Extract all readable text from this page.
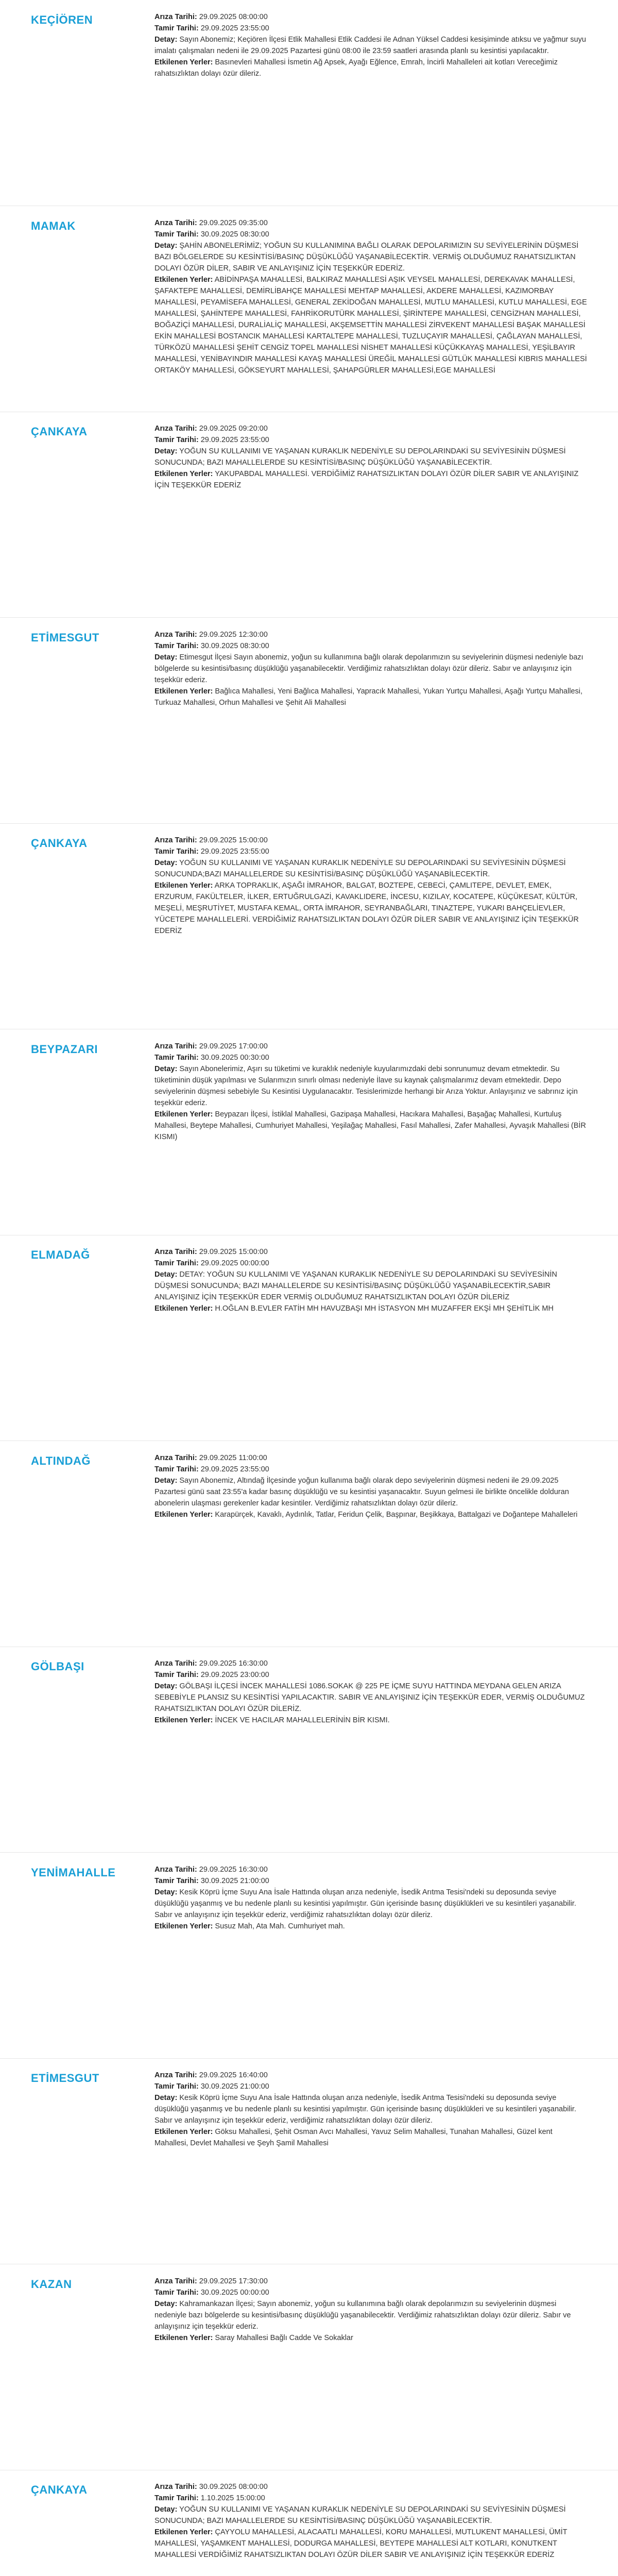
KEÇİÖREN	Arıza Tarihi: 29.09.2025 08:00:00

Tamir Tarihi: 29.09.2025 23:55:00

Detay: Sayın Abonemiz; Keçiören İlçesi Etlik Mahallesi Etlik Caddesi ile Adnan Yüksel Caddesi kesişiminde atıksu ve yağmur suyu imalatı çalışmaları nedeni ile 29.09.2025 Pazartesi günü 08:00 ile 23:59 saatleri arasında planlı su kesintisi yapılacaktır.

Etkilenen Yerler: Basınevleri Mahallesi İsmetin Ağ Apsek, Ayağı Eğlence, Emrah, İncirli Mahalleleri ait kotları Vereceğimiz rahatsızlıktan dolayı özür dileriz.

MAMAK	Arıza Tarihi: 29.09.2025 09:35:00

Tamir Tarihi: 30.09.2025 08:30:00

Detay: ŞAHİN ABONELERİMİZ; YOĞUN SU KULLANIMINA BAĞLI OLARAK DEPOLARIMIZIN SU SEVİYELERİNİN DÜŞMESİ BAZI BÖLGELERDE SU KESİNTİSİ/BASINÇ DÜŞÜKLÜĞÜ YAŞANABİLECEKTİR. VERMİŞ OLDUĞUMUZ RAHATSIZLIKTAN DOLAYI ÖZÜR DİLER, SABIR VE ANLAYIŞINIZ İÇİN TEŞEKKÜR EDERİZ.

Etkilenen Yerler: ABİDİNPAŞA MAHALLESİ, BALKIRAZ MAHALLESİ AŞIK VEYSEL MAHALLESİ, DEREKAVAK MAHALLESİ, ŞAFAKTEPE MAHALLESİ, DEMİRLİBAHÇE MAHALLESİ MEHTAP MAHALLESİ, AKDERE MAHALLESİ, KAZIMORBAY MAHALLESİ, PEYAMİSEFA MAHALLESİ, GENERAL ZEKİDOĞAN MAHALLESİ, MUTLU MAHALLESİ, KUTLU MAHALLESİ, EGE MAHALLESİ, ŞAHİNTEPE MAHALLESİ, FAHRİKORUTÜRK MAHALLESİ, ŞİRİNTEPE MAHALLESİ, CENGİZHAN MAHALLESİ, BOĞAZİÇİ MAHALLESİ, DURALİALİÇ MAHALLESİ, AKŞEMSETTİN MAHALLESİ ZİRVEKENT MAHALLESİ BAŞAK MAHALLESİ EKİN MAHALLESİ BOSTANCIK MAHALLESİ KARTALTEPE MAHALLESİ, TUZLUÇAYIR MAHALLESİ, ÇAĞLAYAN MAHALLESİ, TÜRKÖZÜ MAHALLESİ ŞEHİT CENGİZ TOPEL MAHALLESİ NİSHET MAHALLESİ KÜÇÜKKAYAŞ MAHALLESİ, YEŞİLBAYIR MAHALLESİ, YENİBAYINDIR MAHALLESİ KAYAŞ MAHALLESİ ÜREĞİL MAHALLESİ GÜTLÜK MAHALLESİ KIBRIS MAHALLESİ ORTAKÖY MAHALLESİ, GÖKSEYURT MAHALLESİ, ŞAHAPGÜRLER MAHALLESİ,EGE MAHALLESİ

ÇANKAYA	Arıza Tarihi: 29.09.2025 09:20:00

Tamir Tarihi: 29.09.2025 23:55:00

Detay: YOĞUN SU KULLANIMI VE YAŞANAN KURAKLIK NEDENİYLE SU DEPOLARINDAKİ SU SEVİYESİNİN DÜŞMESİ SONUCUNDA; BAZI MAHALLELERDE SU KESİNTİSİ/BASINÇ DÜŞÜKLÜĞÜ YAŞANABİLECEKTİR.

Etkilenen Yerler: YAKUPABDAL MAHALLESİ. VERDİĞİMİZ RAHATSIZLIKTAN DOLAYI ÖZÜR DİLER SABIR VE ANLAYIŞINIZ İÇİN TEŞEKKÜR EDERİZ

ETİMESGUT	Arıza Tarihi: 29.09.2025 12:30:00

Tamir Tarihi: 30.09.2025 08:30:00

Detay: Etimesgut İlçesi Sayın abonemiz, yoğun su kullanımına bağlı olarak depolarımızın su seviyelerinin düşmesi nedeniyle bazı bölgelerde su kesintisi/basınç düşüklüğü yaşanabilecektir. Verdiğimiz rahatsızlıktan dolayı özür dileriz. Sabır ve anlayışınız için teşekkür ederiz.

Etkilenen Yerler: Bağlıca Mahallesi, Yeni Bağlıca Mahallesi, Yapracık Mahallesi, Yukarı Yurtçu Mahallesi, Aşağı Yurtçu Mahallesi, Turkuaz Mahallesi, Orhun Mahallesi ve Şehit Ali Mahallesi

ÇANKAYA	Arıza Tarihi: 29.09.2025 15:00:00

Tamir Tarihi: 29.09.2025 23:55:00

Detay: YOĞUN SU KULLANIMI VE YAŞANAN KURAKLIK NEDENİYLE SU DEPOLARINDAKİ SU SEVİYESİNİN DÜŞMESİ SONUCUNDA;BAZI MAHALLELERDE SU KESİNTİSİ/BASINÇ DÜŞÜKLÜĞÜ YAŞANABİLECEKTİR.

Etkilenen Yerler: ARKA TOPRAKLIK, AŞAĞI İMRAHOR, BALGAT, BOZTEPE, CEBECİ, ÇAMLITEPE, DEVLET, EMEK, ERZURUM, FAKÜLTELER, İLKER, ERTUĞRULGAZİ, KAVAKLIDERE, İNCESU, KIZILAY, KOCATEPE, KÜÇÜKESAT, KÜLTÜR, MEŞELİ, MEŞRUTİYET, MUSTAFA KEMAL, ORTA İMRAHOR, SEYRANBAĞLARI, TINAZTEPE, YUKARI BAHÇELİEVLER, YÜCETEPE MAHALLELERİ. VERDİĞİMİZ RAHATSIZLIKTAN DOLAYI ÖZÜR DİLER SABIR VE ANLAYIŞINIZ İÇİN TEŞEKKÜR EDERİZ

BEYPAZARI	Arıza Tarihi: 29.09.2025 17:00:00

Tamir Tarihi: 30.09.2025 00:30:00

Detay: Sayın Abonelerimiz, Aşırı su tüketimi ve kuraklık nedeniyle kuyularımızdaki debi sonrunumuz devam etmektedir. Su tüketiminin düşük yapılması ve Sularımızın sınırlı olması nedeniyle İlave su kaynak çalışmalarımız devam etmektedir. Depo seviyelerinin düşmesi sebebiyle Su Kesintisi Uygulanacaktır. Tesislerimizde herhangi bir Arıza Yoktur. Anlayışınız ve sabrınız için teşekkür ederiz.

Etkilenen Yerler: Beypazarı İlçesi, İstiklal Mahallesi, Gazipaşa Mahallesi, Hacıkara Mahallesi, Başağaç Mahallesi, Kurtuluş Mahallesi, Beytepe Mahallesi, Cumhuriyet Mahallesi, Yeşilağaç Mahallesi, Fasıl Mahallesi, Zafer Mahallesi, Ayvaşık Mahallesi (BİR KISMI)

ELMADAĞ	Arıza Tarihi: 29.09.2025 15:00:00

Tamir Tarihi: 29.09.2025 00:00:00

Detay: DETAY: YOĞUN SU KULLANIMI VE YAŞANAN KURAKLIK NEDENİYLE SU DEPOLARINDAKİ SU SEVİYESİNİN DÜŞMESİ SONUCUNDA; BAZI MAHALLELERDE SU KESİNTİSİ/BASINÇ DÜŞÜKLÜĞÜ YAŞANABİLECEKTİR,SABIR ANLAYIŞINIZ İÇİN TEŞEKKÜR EDER VERMİŞ OLDUĞUMUZ RAHATSIZLIKTAN DOLAYI ÖZÜR DİLERİZ

Etkilenen Yerler: H.OĞLAN B.EVLER FATİH MH HAVUZBAŞI MH İSTASYON MH MUZAFFER EKŞİ MH ŞEHİTLİK MH

ALTINDAĞ	Arıza Tarihi: 29.09.2025 11:00:00

Tamir Tarihi: 29.09.2025 23:55:00

Detay: Sayın Abonemiz, Altındağ İlçesinde yoğun kullanıma bağlı olarak depo seviyelerinin düşmesi nedeni ile 29.09.2025 Pazartesi günü saat 23:55'a kadar basınç düşüklüğü ve su kesintisi yaşanacaktır. Suyun gelmesi ile birlikte öncelikle dolduran abonelerin ulaşması gerekenler kadar kesintiler. Verdiğimiz rahatsızlıktan dolayı özür dileriz.

Etkilenen Yerler: Karapürçek, Kavaklı, Aydınlık, Tatlar, Feridun Çelik, Başpınar, Beşikkaya, Battalgazi ve Doğantepe Mahalleleri

GÖLBAŞI	Arıza Tarihi: 29.09.2025 16:30:00

Tamir Tarihi: 29.09.2025 23:00:00

Detay: GÖLBAŞI İLÇESİ İNCEK MAHALLESİ 1086.SOKAK @ 225 PE İÇME SUYU HATTINDA MEYDANA GELEN ARIZA SEBEBİYLE PLANSIZ SU KESİNTİSİ YAPILACAKTIR. SABIR VE ANLAYIŞINIZ İÇİN TEŞEKKÜR EDER, VERMİŞ OLDUĞUMUZ RAHATSIZLIKTAN DOLAYI ÖZÜR DİLERİZ.

Etkilenen Yerler: İNCEK VE HACILAR MAHALLELERİNİN BİR KISMI.

YENİMAHALLE	Arıza Tarihi: 29.09.2025 16:30:00

Tamir Tarihi: 30.09.2025 21:00:00

Detay: Kesik Köprü İçme Suyu Ana İsale Hattında oluşan arıza nedeniyle, İsedik Arıtma Tesisi'ndeki su deposunda seviye düşüklüğü yaşanmış ve bu nedenle planlı su kesintisi yapılmıştır. Gün içerisinde basınç düşüklükleri ve su kesintileri yaşanabilir. Sabır ve anlayışınız için teşekkür ederiz, verdiğimiz rahatsızlıktan dolayı özür dileriz.

Etkilenen Yerler: Susuz Mah, Ata Mah. Cumhuriyet mah.

ETİMESGUT	Arıza Tarihi: 29.09.2025 16:40:00

Tamir Tarihi: 30.09.2025 21:00:00

Detay: Kesik Köprü İçme Suyu Ana İsale Hattında oluşan arıza nedeniyle, İsedik Arıtma Tesisi'ndeki su deposunda seviye düşüklüğü yaşanmış ve bu nedenle planlı su kesintisi yapılmıştır. Gün içerisinde basınç düşüklükleri ve su kesintileri yaşanabilir. Sabır ve anlayışınız için teşekkür ederiz, verdiğimiz rahatsızlıktan dolayı özür dileriz.

Etkilenen Yerler: Göksu Mahallesi, Şehit Osman Avcı Mahallesi, Yavuz Selim Mahallesi, Tunahan Mahallesi, Güzel kent Mahallesi, Devlet Mahallesi ve Şeyh Şamil Mahallesi

KAZAN	Arıza Tarihi: 29.09.2025 17:30:00

Tamir Tarihi: 30.09.2025 00:00:00

Detay: Kahramankazan İlçesi; Sayın abonemiz, yoğun su kullanımına bağlı olarak depolarımızın su seviyelerinin düşmesi nedeniyle bazı bölgelerde su kesintisi/basınç düşüklüğü yaşanabilecektir. Verdiğimiz rahatsızlıktan dolayı özür dileriz. Sabır ve anlayışınız için teşekkür ederiz.

Etkilenen Yerler: Saray Mahallesi Bağlı Cadde Ve Sokaklar

ÇANKAYA	Arıza Tarihi: 30.09.2025 08:00:00

Tamir Tarihi: 1.10.2025 15:00:00

Detay: YOĞUN SU KULLANIMI VE YAŞANAN KURAKLIK NEDENİYLE SU DEPOLARINDAKİ SU SEVİYESİNİN DÜŞMESİ SONUCUNDA; BAZI MAHALLELERDE SU KESİNTİSİ/BASINÇ DÜŞÜKLÜĞÜ YAŞANABİLECEKTİR.

Etkilenen Yerler: ÇAYYOLU MAHALLESİ, ALACAATLI MAHALLESİ, KORU MAHALLESİ, MUTLUKENT MAHALLESİ, ÜMİT MAHALLESİ, YAŞAMKENT MAHALLESİ, DODURGA MAHALLESİ, BEYTEPE MAHALLESİ ALT KOTLARI, KONUTKENT MAHALLESİ VERDİĞİMİZ RAHATSIZLIKTAN DOLAYI ÖZÜR DİLER SABIR VE ANLAYIŞINIZ İÇİN TEŞEKKÜR EDERİZ
